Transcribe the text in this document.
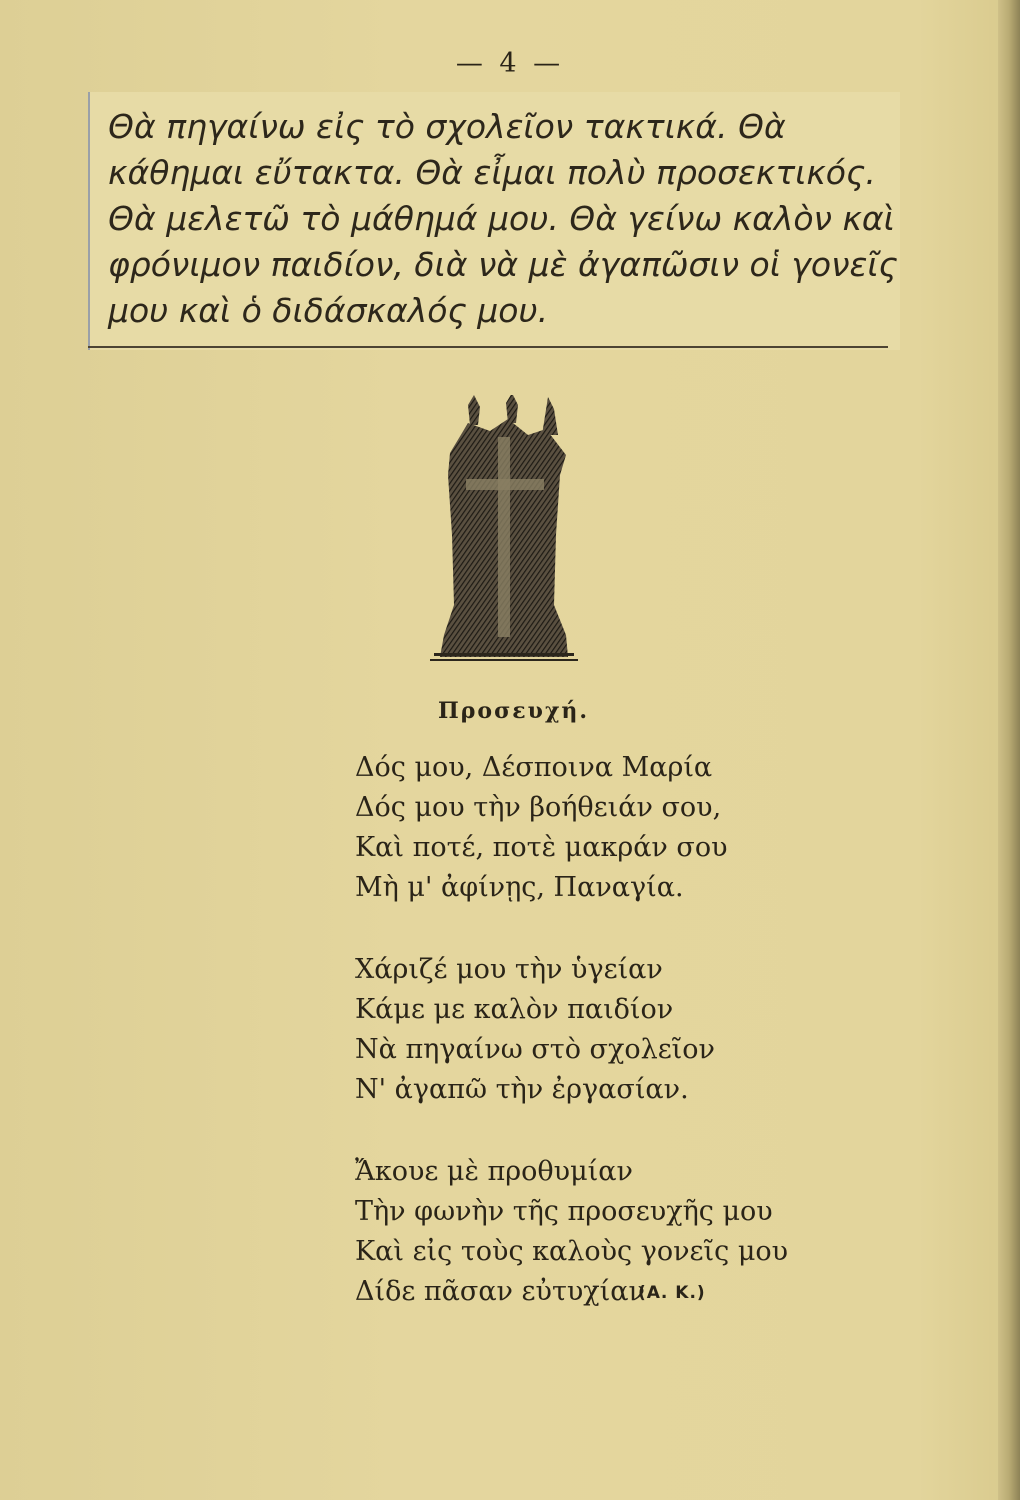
— 4 —
Θὰ πηγαίνω εἰς τὸ σχολεῖον τακτικά. Θὰ
κάθημαι εὔτακτα. Θὰ εἶμαι πολὺ προσεκτικός.
Θὰ μελετῶ τὸ μάθημά μου. Θὰ γείνω καλὸν καὶ
φρόνιμον παιδίον, διὰ νὰ μὲ ἀγαπῶσιν οἱ γονεῖς
μου καὶ ὁ διδάσκαλός μου.
Προσευχή.
Δός μου, Δέσποινα Μαρία
Δός μου τὴν βοήθειάν σου,
Καὶ ποτέ, ποτὲ μακράν σου
Μὴ μ' ἀφίνῃς, Παναγία.
Χάριζέ μου τὴν ὑγείαν
Κάμε με καλὸν παιδίον
Νὰ πηγαίνω στὸ σχολεῖον
Ν' ἀγαπῶ τὴν ἐργασίαν.
Ἄκουε μὲ προθυμίαν
Τὴν φωνὴν τῆς προσευχῆς μου
Καὶ εἰς τοὺς καλοὺς γονεῖς μου
Δίδε πᾶσαν εὐτυχίαν
(Α. Κ.)
